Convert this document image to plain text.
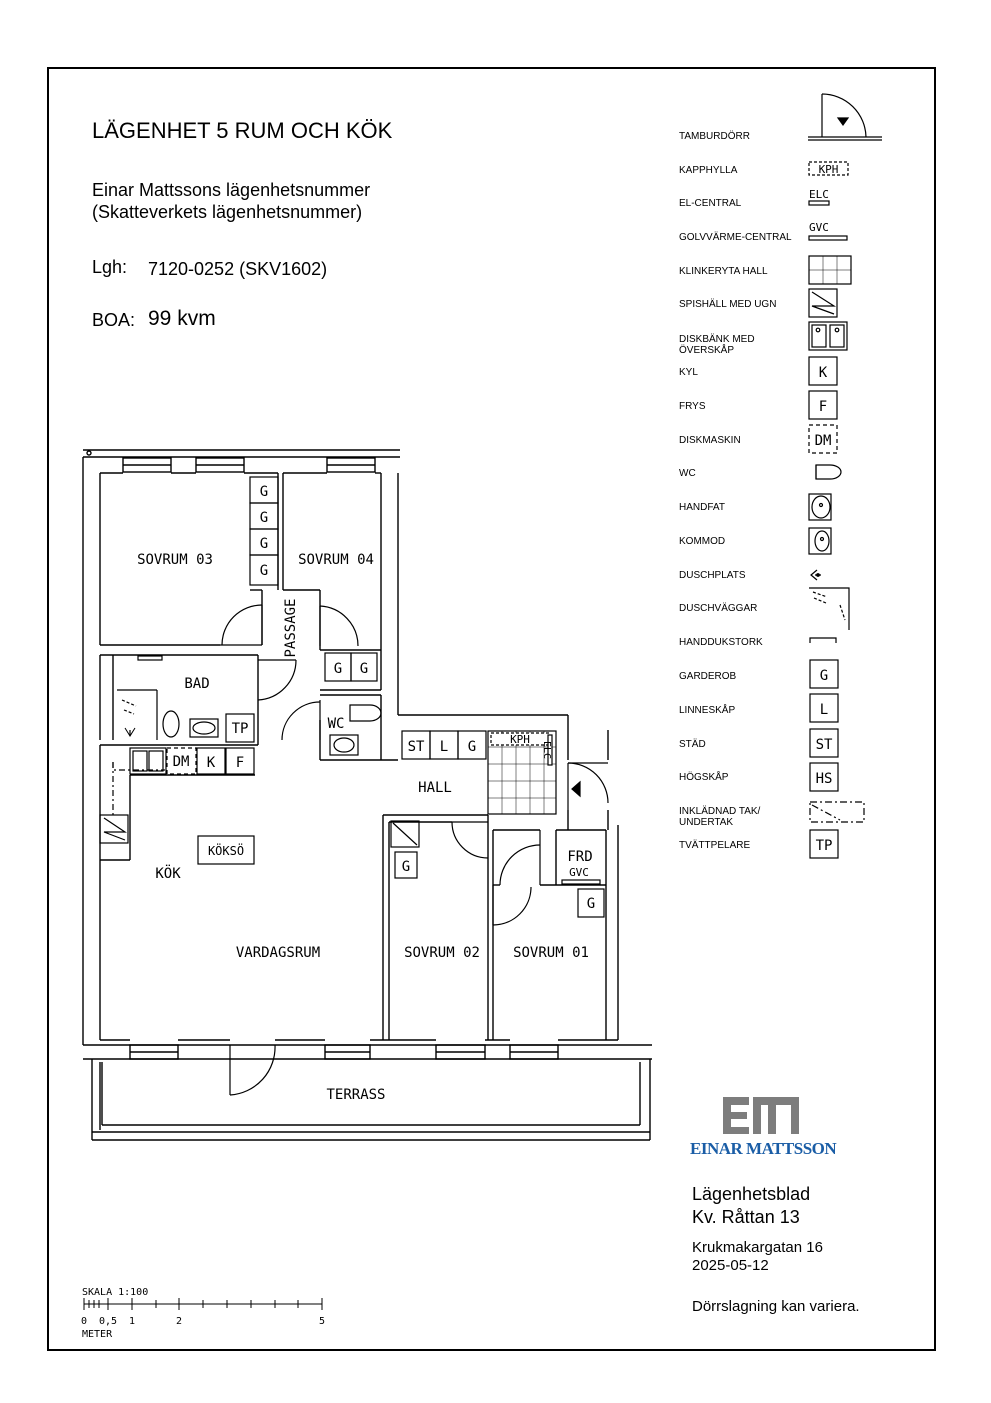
LÄGENHET 5 RUM OCH KÖK
Einar Mattssons lägenhetsnummer
(Skatteverkets lägenhetsnummer)
Lgh: 7120-0252 (SKV1602)
BOA: 99 kvm
TAMBURDÖRR
KAPPHYLLA
EL-CENTRAL
GOLVVÄRME-CENTRAL
KLINKERYTA HALL
SPISHÄLL MED UGN
DISKBÄNK MED ÖVERSKÅP
KYL
FRYS
DISKMASKIN
WC
HANDFAT
KOMMOD
DUSCHPLATS
DUSCHVÄGGAR
HANDDUKSTORK
GARDEROB
LINNESKÅP
STÄD
HÖGSKÅP
INKLÄDNAD TAK/ UNDERTAK
TVÄTTPELARE
KPH
ELC
GVC
K
F
DM
G
L
ST
HS
TP
G
G
G
G
G G
TP
DM K F
ST L G	KPH
ELC
G
FRD
GVC
G
SOVRUM 03	SOVRUM 04
PASSAGE
BAD
WC
HALL
KÖK
KÖKSÖ
VARDAGSRUM	SOVRUM 02 SOVRUM 01
TERRASS
SKALA 1:100
0 0,5 1	2	5
METER
EINAR MATTSSON
Lägenhetsblad
Kv. Råttan 13
Krukmakargatan 16
2025-05-12
Dörrslagning kan variera.
